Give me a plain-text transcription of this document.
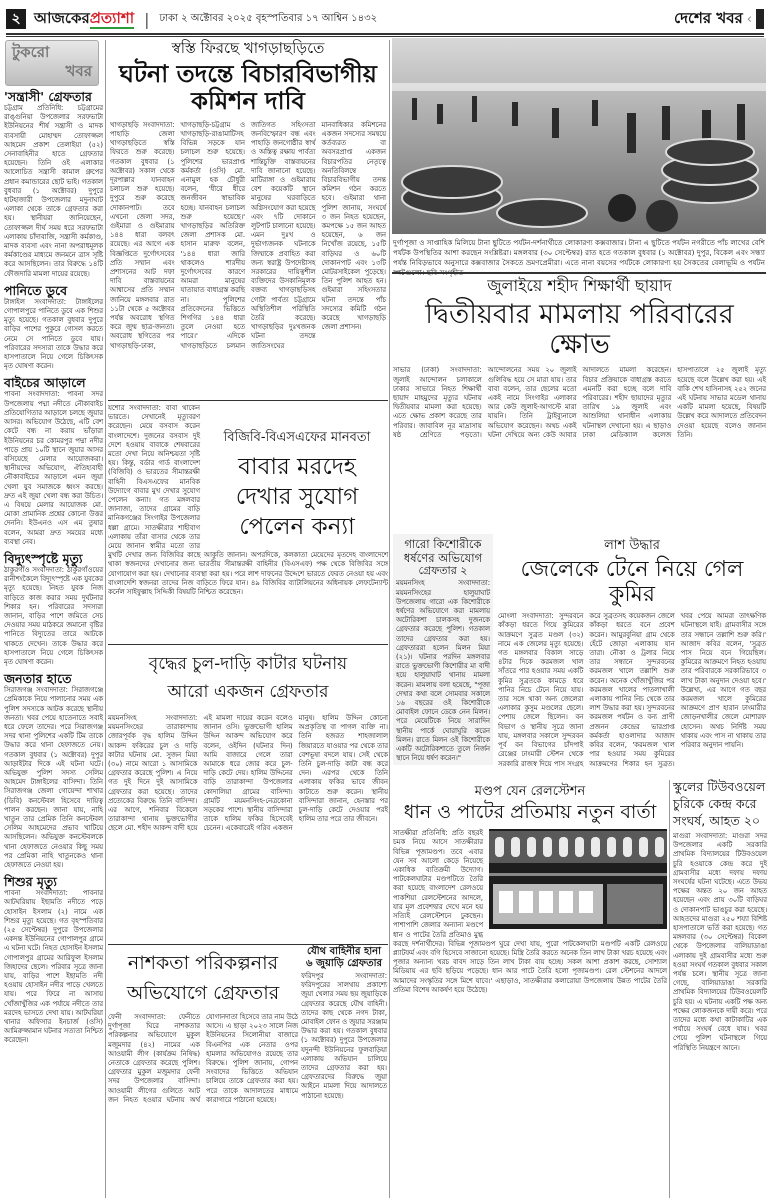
২ আজকেরপ্রত্যাশা | ঢাকা ২ অক্টোবর ২০২৫ বৃহস্পতিবার ১৭ আশ্বিন ১৪৩২	দেশের খবর ‹
টুকরো
খবর
'সন্ত্রাসী' গ্রেফতার
চট্টগ্রাম প্রতিনিধি: চট্টগ্রামের রাঙ্গুনিয়া উপজেলার সরফভাটা ইউনিয়নের শীর্ষ সন্ত্রাসী ও মাদক ব্যবসায়ী মোহাম্মদ তোফাজ্জল আহমেদ প্রকাশ তেলাইয়া (৫২) সেনাবাহিনীর হাতে গ্রেফতার হয়েছেন। তিনি ওই এলাকার আলোচিত সন্ত্রাসী কামাল গ্রুপের প্রধান কমান্ডারের ছোট ভাই। গতকাল বুধবার (১ অক্টোবর) দুপুরে হাটহাজারী উপজেলার মদুনাঘাট এলাকা থেকে তাকে গ্রেফতার করা হয়। স্থানীয়রা জানিয়েছেন, তোফাজ্জল দীর্ঘ সময় ধরে সরফভাটা এলাকায় চাঁদাবাজি, সন্ত্রাসী কর্মকাণ্ড, মাদক ব্যবসা এবং নানা অপরাধমূলক কর্মকাণ্ডের মাধ্যমে জনমনে ত্রাস সৃষ্টি করে আসছিলেন। তার বিরুদ্ধে ১৪টি ফৌজদারি মামলা দায়ের রয়েছে।
পানিতে ডুবে
টাঙ্গাইল সংবাদদাতা: টাঙ্গাইলের গোপালপুরে পানিতে ডুবে এক শিশুর মৃত্যু হয়েছে। গতকাল বুধবার দুপুরে বাড়ির পাশের পুকুরে গোসল করতে নেমে সে পানিতে ডুবে যায়। পরিবারের সদস্যরা তাকে উদ্ধার করে হাসপাতালে নিয়ে গেলে চিকিৎসক মৃত ঘোষণা করেন।
বাইচের আড়ালে
পাবনা সংবাদদাতা: পাবনা সদর উপজেলায় পদ্মা নদীতে নৌকাবাইচ প্রতিযোগিতার আড়ালে চলছে জুয়ার আসর। অভিযোগ উঠেছে, এটি বেশ কেটে বন্ধ না করায় ভাঁড়ারা ইউনিয়নের চর কোমরপুর পদ্মা নদীর পাড়ে প্রায় ১০টি স্থানে জুয়ার আসর বসিয়েছে মেলার আয়োজকরা। স্থানীয়দের অভিযোগ, ঐতিহ্যবাহী নৌকাবাইচের আড়ালে এমন জুয়া খেলা যুব সমাজকে ধ্বংস করছে। দ্রুত এই জুয়া খেলা বন্ধ করা উচিত। এ বিষয়ে মেলার আয়োজক মো. মোকা প্রামানিক প্রশ্নের কোনো উত্তর দেননি। ইউএনও এস এম তুষার বলেন, আমরা দ্রুত সময়ের মধ্যে ব্যবস্থা নেব।
বিদ্যুৎস্পৃষ্টে মৃত্যু
ঠাকুরগাঁও সংবাদদাতা: ঠাকুরগাঁওয়ের রানীশংকৈলে বিদ্যুৎস্পৃষ্টে এক যুবকের মৃত্যু হয়েছে। নিহত যুবক নিজ বাড়িতে কাজ করার সময় দুর্ঘটনার শিকার হন। পরিবারের সদস্যরা জানান, বাড়ির পাশে জমিতে সেচ দেওয়ার সময় মাঠকরে জমানো বৃষ্টির পানিতে বিদ্যুতের তারে আটকে থাকতে দেখেন। তাকে উদ্ধার করে হাসপাতালে নিয়ে গেলে চিকিৎসক মৃত ঘোষণা করেন।
জনতার হাতে
সিরাজগঞ্জ সংবাদদাতা: সিরাজগঞ্জে প্রেমিকাকে নিয়ে পালানোর সময় এক পুলিশ সদস্যকে আটক করেছে স্থানীয় জনতা। খবর পেয়ে হাতেনাতে সবাই ধরে ফেলে তাদের। পরে সিরাজগঞ্জ সদর থানা পুলিশের একটি টিম তাকে উদ্ধার করে থানা হেফাজতে নেয়। গতকাল বুধবার (১ অক্টোবর) দুপুর আড়াইটার দিকে এই ঘটনা ঘটে। অভিযুক্ত পুলিশ সদস্য সেলিম আহমেদ টাঙ্গাইলের বাসিন্দা। তিনি সিরাজগঞ্জ জেলা গোয়েন্দা শাখার (ডিবি) কনস্টেবল হিসেবে দায়িত্ব পালন করছেন। জানা যায়, নাহি খাতুন তার প্রেমিক তিনি কনস্টেবল সেলিম আহমেদের প্রভাব খাটিয়ে আসছিলেন। অভিযুক্ত কনস্টেবলকে থানা হেফাজতে নেওয়ার কিছু সময় পর প্রেমিকা নাহি খাতুনকেও থানা হেফাজতে নেওয়া হয়।
শিশুর মৃত্যু
পাবনা সংবাদদাতা: পাবনার আটঘরিয়ায় ইছামতি নদীতে পড়ে হোসাইন ইসলাম (২) নামে এক শিশুর মৃত্যু হয়েছে। গত বৃহস্পতিবার (২৫ সেপ্টেম্বর) দুপুরে উপজেলার একদন্ত ইউনিয়নের গোপালপুর গ্রামে এ ঘটনা ঘটে। নিহত হোসাইন ইসলাম গোপালপুর গ্রামের আরিফুল ইসলাম জিহাদের ছেলে। পরিবার সূত্রে জানা যায়, বাড়ির পাশে ইছামতি নদী হওয়ায় হোসাইন নদীর পাড়ে খেলতে যায়। পরে ফিরে না আসায় খোঁজাখুঁজির এক পর্যায়ে নদীতে তার মরদেহ ভাসতে দেখা যায়। আটঘরিয়া থানার অফিসার ইনচার্জ (ওসি) আমিরুজ্জামান ঘটনার সত্যতা নিশ্চিত করেছেন।
স্বস্তি ফিরছে খাগড়াছড়িতে
ঘটনা তদন্তে বিচারবিভাগীয়
কমিশন দাবি
খাগড়াছড়ি সংবাদদাতা: পাহাড়ি জেলা খাগড়াছড়িতে স্বস্তি ফিরতে শুরু করেছে। গতকাল বুধবার (১ অক্টোবর) সকাল থেকে দূরপাল্লার যানবাহন চলাচল শুরু হয়েছে। দুপুরে শুরু করেছে দোকানপাট। তবে এখনো জেলা সদর, গুইমারা ও গুইমারায় ১৪৪ ধারা বলবৎ রয়েছে। এর আগে এক বিজ্ঞপ্তিতে দুর্গোৎসবের প্রতি সম্মান এবং প্রশাসনের আট দফা দাবি বাস্তবায়নের আশ্বাসের প্রতি সম্মান জানিয়ে মঙ্গলবার রাত ১১টা থেকে ৫ অক্টোবর পর্যন্ত অবরোধ স্থগিত করে জুম্ম ছাত্র-জনতা। অবরোধ স্থগিতের পর খাগড়াছড়ি-ঢাকা, খাগড়াছড়ি-চট্টগ্রাম ও খাগড়াছড়ি-রাঙামাটিসহ বিভিন্ন সড়কে যান চলাচল শুরু হয়েছে। পুলিশের ভারপ্রাপ্ত কর্মকর্তা (ওসি) মো. এনামুল হক চৌধুরী বলেন, 'ধীরে ধীরে জনজীবন স্বাভাবিক হচ্ছে। যানবাহন চলাচল শুরু হয়েছে।' খাগড়াছড়ির অতিরিক্ত জেলা প্রশাসক মো. হাসান মারুফ বলেন, '১৪৪ ধারা জারি থাকলেও শারদীয় দুর্গোৎসবের কারণে আমরা মানুষের যাতায়াত বাধাগ্রস্ত করছি না। পুলিশের প্রতিবেদনের ভিত্তিতে শিগগির ১৪৪ ধারা তুলে নেওয়া হতে পারে।' এদিকে খাগড়াছড়িতে চলমান জাতিগত সহিংসতা জনবিস্ফোরণ বন্ধ এবং পাহাড়ি জনগোষ্ঠীর স্বার্থ ও অস্তিত্ব রক্ষায় পার্বত্য শান্তিচুক্তি বাস্তবায়নের দাবি জানানো হয়েছে। মাটিরাঙ্গা ও গুইমারায় বেশ কয়েকটি স্থানে মানুষের ঘরবাড়িতে অগ্নিসংযোগ করা হয়েছে এবং ৭টি দোকানে লুটপাট চালানো হয়েছে। এমন দুঃখ ও দুর্ভাগ্যজনক ঘটনাকে জিম্মাকে প্রবাহিত করা জন্য স্বরাষ্ট্র উপদেষ্টাসহ সরকারের দায়িত্বশীল ব্যক্তিদের উসকানিমূলক বক্তব্য খাগড়াছড়িসহ গোটা পার্বত্য চট্টগ্রামে অস্থিতিশীল পরিস্থিতি তৈরি করেছে। খাগড়াছড়ির দুঃখজনক ঘটনা তদন্তে জাতিসংঘের মানবাধিকার কমিশনের একজন সদস্যের সমন্বয়ে কর্তব্যরত বা অবসরপ্রাপ্ত একজন বিচারপতির নেতৃত্বে অনতিবিলম্বে বিচারবিভাগীয় তদন্ত কমিশন গঠন করতে হবে। গুইমারা থানা পুলিশ জানায়, সংঘর্ষে ৩ জন নিহত হয়েছেন, কমপক্ষে ১৫ জন আহত হয়েছেন, ৬ জন নিখোঁজ রয়েছে, ১৫টি বাড়িঘর ও ৬০টি দোকানপাট এবং ১৩টি মোটরসাইকেল পুড়েছে। তিন পুলিশ আহত হন। গুইমারা সহিংসতার ঘটনা তদন্তে পাঁচ সদস্যের কমিটি গঠন করেছে খাগড়াছড়ি জেলা প্রশাসন।
দুর্গাপূজা ও সাপ্তাহিক মিলিয়ে টানা ছুটিতে পর্যটন-দর্শনার্থীতে লোকারণ্য কক্সবাজার। টানা এ ছুটিতে পর্যটন নগরীতে পাঁচ লাখের বেশি পর্যটক উপস্থিতির আশা করছেন সংশ্লিষ্টরা। মঙ্গলবার (৩০ সেপ্টেম্বর) রাত হতে গতকাল বুধবার (১ অক্টোবর) দুপুর, বিকেল এবং সন্ধ্যা পর্যন্ত নিবিড়ভাবে অনুসারে কক্সবাজার সৈকতে ভ্রমণপ্রেমীরা। এতে নানা বয়সের পর্যটকে লোকারণ্য হয় সৈকতের বেলাভূমি ও পর্যটন
জুলাইয়ে শহীদ শিক্ষার্থী ছায়াদ
দ্বিতীয়বার মামলায় পরিবারের ক্ষোভ
সাভার (ঢাকা) সংবাদদাতা: জুলাই আন্দোলন চলাকালে ঢাকার সাভারে নিহত শিক্ষার্থী ছায়াদ মাহমুদের মৃত্যুর ঘটনায় দ্বিতীয়বার মামলা করা হয়েছে। এতে ক্ষোভ প্রকাশ করেছে তার পরিবার। জাবাবিল নূর মাদ্রাসায় ষষ্ঠ শ্রেণিতে পড়তো। আন্দোলনের সময় ২০ জুলাই গুলিবিদ্ধ হয়ে সে মারা যায়। তার বাবা বলেন, তার ছেলের মতো একই নামে সিংগাইর এলাকার আর কেউ জুলাই-আগস্টে মারা যায়নি। তিনি ট্রাইব্যুনালে অভিযোগ করেছেন। অথচ একই ঘটনা দেখিয়ে অন্য কেউ আবার আদালতে মামলা করেছেন। বিচার প্রক্রিয়াকে বাধাগ্রস্ত করতে এমনটি করা হচ্ছে বলে দাবি পরিবারের। শহীদ ছায়াদের মৃত্যুর তারিখ ১৯ জুলাই এবং আশুলিয়া থানাধীন এলাকায় ঘটনাস্থল দেখানো হয়। এ ছাড়াও ঢাকা মেডিক্যাল কলেজ হাসপাতালে ২৫ জুলাই মৃত্যু হয়েছে বলে উল্লেখ করা হয়। এই বাকি শেখ হাসিনাসহ ২৫২ জনের এই ঘটনায় সাভার মডেল থানায় একটি মামলা হয়েছে, বিষয়টি উল্লেখ করে আদালতে প্রতিবেদন দেওয়া হয়েছে বলেও জানান তিনি।
বিজিবি-বিএসএফের মানবতা
বাবার মরদেহ
দেখার সুযোগ
পেলেন কন্যা
যশোর সংবাদদাতা: বাবা থাকেন ভারতে। সেখানেই মৃত্যুবরণ করেছেন। মেয়ে বসবাস করেন বাংলাদেশে। দুজনের বসবাস দুই দেশে হওয়ায় বাবাকে শেষবারের মতো দেখা নিয়ে অনিশ্চয়তা সৃষ্টি হয়। কিন্তু, বর্ডার গার্ড বাংলাদেশ (বিজিবি) ও ভারতের সীমান্তরক্ষী বাহিনী বিএসএফের মানবিক উদ্যোগে বাবার মুখ দেখার সুযোগ পেলেন কন্যা। গত মঙ্গলবার জানাজা, তাদের গ্রামের বাড়ি মানিকগঞ্জের সিংগাইর উপজেলার ধল্লা গ্রামে। সাতক্ষীরার শাহীবাগ এলাকায় তাঁরা বাসার থেকে তার মেয়ে জানান স্বামীর মতো তার মুখটি দেখার জন্য বিজিবির কাছে আকুতি জানান। অপরদিকে, কলকাতা মেয়েদের মৃতদেহ বাংলাদেশে থাকা স্বজনদের দেখানোর জন্য ভারতীয় সীমান্তরক্ষী বাহিনীর (বিএসএফ) পক্ষ থেকে বিজিবির সঙ্গে যোগাযোগ করা হয়। দেখানোর ব্যবস্থা করা হয়। পরে লাশ দাফনের উদ্দেশে ভারতে ফেরত নেওয়া হয় এবং বাংলাদেশি স্বজনরা তাদের নিজ বাড়িতে ফিরে যান। ৪৯ বিজিবির ব্যাটালিয়নের অধিনায়ক লেফটেন্যান্ট কর্নেল সাইফুল্লাহ সিদ্দিকী বিষয়টি নিশ্চিত করেছেন।
গারো কিশোরীকে ধর্ষণের অভিযোগ
গ্রেফতার ২
ময়মনসিংহ সংবাদদাতা: ময়মনসিংহের হালুয়াঘাট উপজেলায় গারো এক কিশোরীকে ধর্ষণের অভিযোগে করা মামলায় অটোরিকশা চালকসহ দুজনকে গ্রেফতার করেছে পুলিশ। গতকাল তাদের গ্রেফতার করা হয়। গ্রেফতাররা হলেন মিলন মিয়া (২১)। ঘটনার পরদিন মঙ্গলবার রাতে ভুক্তভোগী কিশোরীর মা বাদী হয়ে হালুয়াঘাট থানায় মামলা করেন। মামলায় বলা হয়েছে, "পূজা দেখার কথা বলে সোমবার সকালে ১৬ বছরের ওই কিশোরীকে মোবাইল ফোনে ডেকে নেন মিলন। পরে মেয়েটিকে নিয়ে সারাদিন স্থানীয় পার্কে ঘোরাঘুরি করেন মিলন। রাতে মিলন ওই কিশোরীকে একটি অটোরিকশাতে তুলে নির্জন স্থানে নিয়ে ধর্ষণ করেন।"
লাশ উদ্ধার
জেলেকে টেনে নিয়ে গেল কুমির
মোংলা সংবাদদাতা: সুন্দরবনে কাঁকড়া ধরতে গিয়ে কুমিরের আক্রমণে সুব্রত মণ্ডল (৩২) নামে এক জেলের মৃত্যু হয়েছে। গত মঙ্গলবার বিকাল সাড়ে ৪টার দিকে করমজল খাল সাঁতরে পার হওয়ার সময় একটি কুমির সুব্রতকে কামড়ে ধরে পানির নিচে টেনে নিয়ে যায়। তার সঙ্গে থাকা অন্য জেলেরা এলাকার কুসুম মণ্ডলের ছেলে। পেশায় জেলে ছিলেন। বন বিভাগ ও স্থানীয় সূত্রে জানা যায়, মঙ্গলবার সকালে সুন্দরবন পূর্ব বন বিভাগের চাঁদপাই রেঞ্জের ঢাংমারী স্টেশন থেকে সরকারি রাজস্ব দিয়ে পাস সংগ্রহ করে সুব্রতসহ কয়েকজন জেলে কাঁকড়া ধরতে বনে প্রবেশ করেন। আমুরবুনিয়া গ্রাম থেকে হেঁটে জোড়া এলাকায় যান তারা। নৌকা ও ট্রলার নিয়ে তার সন্ধানে সুন্দরবনের করমজল খালে তল্লাশি শুরু করেন। অনেক খোঁজাখুঁজির পর করমজল খালের পাতলাখালী এলাকায় পানির নিচ থেকে তার লাশ উদ্ধার করা হয়। সুন্দরবনের করমজল পর্যটন ও বন্য প্রাণী প্রজনন কেন্দ্রের ভারপ্রাপ্ত কর্মকর্তা হাওলাদার আজাদ কবির বলেন, 'করমজল খাল পার হওয়ার সময় কুমিরের আক্রমণের শিকার হন সুব্রত। খবর পেয়ে আমরা তাৎক্ষণিক ঘটনাস্থলে যাই। গ্রামবাসীর সঙ্গে তার সন্ধানে তল্লাশি শুরু করি।' আজাদ কবির বলেন, 'সুব্রত পাস নিয়ে বনে গিয়েছিল। কুমিরের আক্রমণে নিহত হওয়ায় তার পরিবারকে সরকারিভাবে ৩ লাখ টাকা অনুদান দেওয়া হবে।' উল্লেখ্য, এর আগে গত বছর করমজল খালে কুমিরের আক্রমণে প্রাণ হারান ঢাংমারীর জোড়নখালীর জেলে মোশারফ হোসেন। অথচ নির্দিষ্ট সময় থাকায় এবং পাস না থাকায় তার পরিবার অনুদান পায়নি।
বৃদ্ধের চুল-দাড়ি কাটার ঘটনায়
আরো একজন গ্রেফতার
ময়মনসিংহ সংবাদদাতা: ময়মনসিংহের তারাকান্দায় জোরপূর্বক বৃদ্ধ হালিম উদ্দিন আকন্দ ফকিরের চুল ও দাড়ি কাটার ঘটনায় মো. সুজন মিয়া (৩০) নামে আরো ১ আসামিকে গ্রেফতার করেছে পুলিশ। এ নিয়ে গত দুই দিনে দুই আসামিকে গ্রেফতার করা হয়েছে। তাদের প্রত্যেকের বিরুদ্ধে তিনি বাসিন্দা। এর আগে, শনিবার বিকেলে তারাকান্দা থানায় ভুক্তভোগীর ছেলে মো. শহীদ আকন্দ বাদী হয়ে এই মামলা দায়ের করেন বলেও জানান ওসি। ভুক্তভোগী হালিম উদ্দিন আকন্দ অভিযোগ করে বলেন, ওইদিন (ঘটনার দিন) আমি বাজারে গেলে তারা আমাকে ধরে জোর করে চুল-দাড়ি কেটে দেয়। হালিম উদ্দিনের বাড়ি তারাকান্দা উপজেলার কোদালিয়া গ্রামের বাসিন্দা। গ্রামটি ময়মনসিংহ-নেত্রকোনা সড়কের পাশে। স্থানীয় বাসিন্দারা তাকে হালিম ফকির হিসেবেই চেনেন। একেবারেই গরিব একজন মানুষ। হালিম উদ্দিন কোনো অপ্রকৃতিস্থ বা পাগল ব্যক্তি না। তিনি হজরত শাহজালাল জিয়ারতে যাওয়ার পর থেকে তার বেশভূষা বদলে যায়। সেই থেকে তিনি চুল-দাড়ি কাটা বন্ধ করে দেন। এরপর থেকে তিনি এলাকায় ফকির ভাবে জীবন কাটাতে শুরু করেন। স্থানীয় বাসিন্দারা জানান, হেনস্তার পর চুল-দাড়ি কেটে দেওয়ার পরই হালিম তার পরে তার জীবনে।
মণ্ডপ যেন রেলস্টেশন
ধান ও পাটের প্রতিমায় নতুন বার্তা
সাতক্ষীরা প্রতিনিধি: প্রতি বছরই চমক নিয়ে আসে সাতক্ষীরার বিভিন্ন পূজামণ্ডপ। তবে এবার যেন সব আলো কেড়ে নিয়েছে একাধিক ব্যতিক্রমী উদ্যোগ। পাটকেলঘাটার মণ্ডপটিতে তৈরি করা হয়েছে বাংলাদেশ রেলওয়ে পাকশিয়া রেলস্টেশনের আদলে, যার মূল প্রবেশদ্বার দেখে মনে হয় সত্যিই রেলস্টেশনে ঢুকছেন। পাশাপাশি জেলার অন্যান্য মণ্ডপে ধান ও পাটের তৈরি প্রতিমাও মুগ্ধ করছে দর্শনার্থীদের। বিভিন্ন পূজামণ্ডপ ঘুরে দেখা যায়, পুরো পাটকেলঘাটা মণ্ডপটি একটি রেলওয়ে প্ল্যাটফর্ম এবং বগি হিসেবে সাজানো হয়েছে। মিস্ত্রি তৈরি করতে অনেক তিন লাখ টাকা খরচ হয়েছে এবং পূজার অন্যান্য খরচ বাবদ সাড়ে তিন লাখ টাকা ব্যয় হচ্ছে। সকল আশা প্রকাশ করছে, সোশ্যাল মিডিয়ায় এর ছবি ছড়িয়ে পড়েছে। ধান আর পাটে তৈরি হলো পূজামণ্ডপ। রেল স্টেশনের আদলে আমাদের সংস্কৃতির সঙ্গে মিশে যাবে।' এছাড়াও, সাতক্ষীরার কলারোয়া উপজেলায় উন্নত পাটের তৈরি প্রতিমা বিশেষ আকর্ষণ হয়ে উঠেছে।
স্কুলের টিউবওয়েল চুরিকে কেন্দ্র করে সংঘর্ষ, আহত ২০
মাগুরা সংবাদদাতা: মাগুরা সদর উপজেলার একটি সরকারি প্রাথমিক বিদ্যালয়ের টিউবওয়েল চুরি হওয়াকে কেন্দ্র করে দুই গ্রামবাসীর মধ্যে দফায় দফায় সংঘর্ষের ঘটনা ঘটেছে। এতে উভয় পক্ষের অন্তত ২০ জন আহত হয়েছেন এবং প্রায় ৩০টি বাড়িঘর ও দোকানপাট ভাঙচুর করা হয়েছে। আহতদের মাগুরা ২৫০ শয্যা বিশিষ্ট হাসপাতালে ভর্তি করা হয়েছে। গত মঙ্গলবার (৩০ সেপ্টেম্বর) বিকেল থেকে উপজেলার বালিয়াডাঙা এলাকায় দুই গ্রামবাসীর মধ্যে শুরু হওয়া সংঘর্ষ গতকাল বুধবার সকাল পর্যন্ত চলে। স্থানীয় সূত্রে জানা গেছে, বালিয়াডাঙা সরকারি প্রাথমিক বিদ্যালয়ের টিউবওয়েলটি চুরি হয়। এ ঘটনায় একটি পক্ষ অন্য পক্ষের লোকজনকে দায়ী করে। পরে তাদের মধ্যে কথা কাটাকাটির এক পর্যায়ে সংঘর্ষ বেধে যায়। খবর পেয়ে পুলিশ ঘটনাস্থলে গিয়ে পরিস্থিতি নিয়ন্ত্রণে আনে।
নাশকতা পরিকল্পনার
অভিযোগে গ্রেফতার
ফেনী সংবাদদাতা: ফেনীতে দুর্গাপূজা ঘিরে নাশকতার পরিকল্পনার অভিযোগে মুকুল মজুমদার (৪২) নামের এক আওয়ামী লীগ (কার্যক্রম নিষিদ্ধ) নেতাকে গ্রেফতার করেছে পুলিশ। গ্রেফতার মুকুল মজুমদার ফেনী সদর উপজেলার বাসিন্দা। আওয়ামী লীগের গুলিতে আট জন নিহত হওয়ার ঘটনায় অর্থ যোগানদাতা হিসেবে তার নাম উঠে আসে। এ ছাড়া ২০২৩ সালে নিজ ইউনিয়নের সিলোনীয়া বাজারে বিএনপির এক নেতার ওপর হামলার অভিযোগও রয়েছে তার বিরুদ্ধে। পুলিশ জানায়, গোপন সংবাদের ভিত্তিতে অভিযান চালিয়ে তাকে গ্রেফতার করা হয়। পরে তাকে আদালতের মাধ্যমে কারাগারে পাঠানো হয়েছে।
যৌথ বাহিনীর হানা
৬ জুয়াড়ি গ্রেফতার
ফরিদপুর সংবাদদাতা: ফরিদপুরের সালথায় প্রকাশ্যে জুয়া খেলার সময় ছয় জুয়াড়িকে গ্রেফতার করেছে যৌথ বাহিনী। তাদের কাছ থেকে নগদ টাকা, মোবাইল ফোন ও জুয়ার সরঞ্জাম উদ্ধার করা হয়। গতকাল বুধবার (১ অক্টোবর) দুপুরে উপজেলার যদুনন্দী ইউনিয়নের ফুলবাড়িয়া এলাকায় অভিযান চালিয়ে তাদের গ্রেফতার করা হয়। গ্রেফতারদের বিরুদ্ধে জুয়া আইনে মামলা দিয়ে আদালতে পাঠানো হয়েছে।
